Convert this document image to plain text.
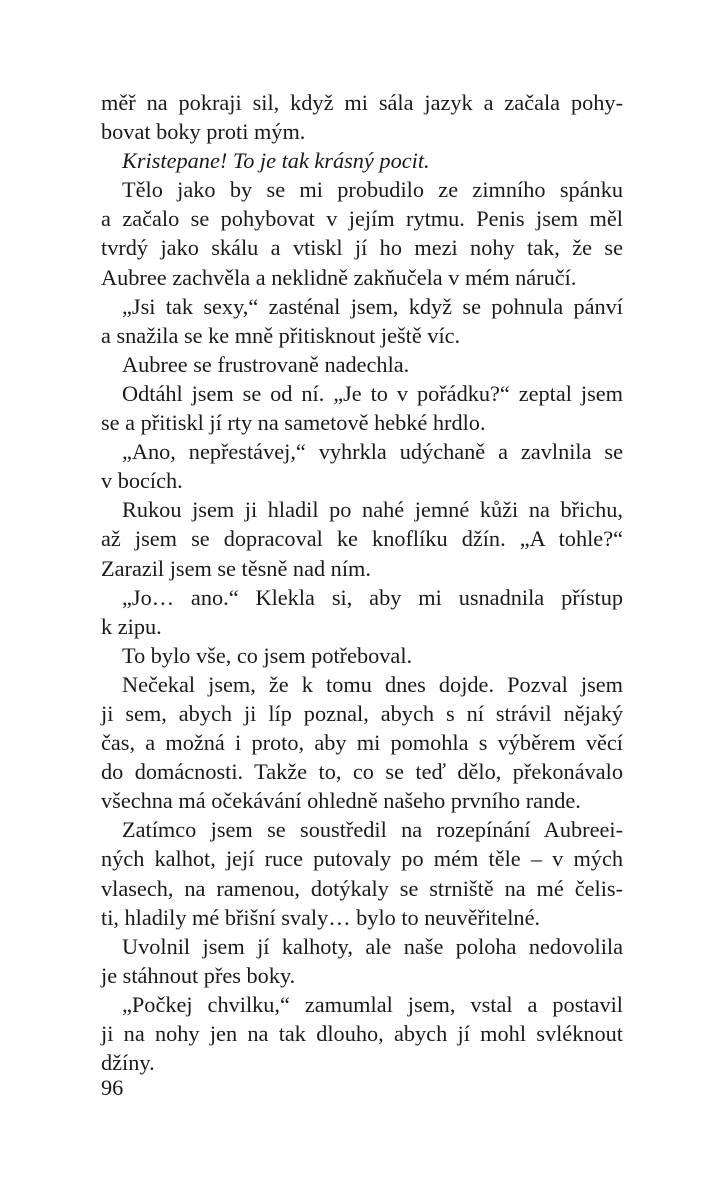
měř na pokraji sil, když mi sála jazyk a začala pohy-
bovat boky proti mým.
Kristepane! To je tak krásný pocit.
Tělo jako by se mi probudilo ze zimního spánku
a začalo se pohybovat v jejím rytmu. Penis jsem měl
tvrdý jako skálu a vtiskl jí ho mezi nohy tak, že se
Aubree zachvěla a neklidně zakňučela v mém náručí.
„Jsi tak sexy,“ zasténal jsem, když se pohnula pánví
a snažila se ke mně přitisknout ještě víc.
Aubree se frustrovaně nadechla.
Odtáhl jsem se od ní. „Je to v pořádku?“ zeptal jsem
se a přitiskl jí rty na sametově hebké hrdlo.
„Ano, nepřestávej,“ vyhrkla udýchaně a zavlnila se
v bocích.
Rukou jsem ji hladil po nahé jemné kůži na břichu,
až jsem se dopracoval ke knoflíku džín. „A tohle?“
Zarazil jsem se těsně nad ním.
„Jo… ano.“ Klekla si, aby mi usnadnila přístup
k zipu.
To bylo vše, co jsem potřeboval.
Nečekal jsem, že k tomu dnes dojde. Pozval jsem
ji sem, abych ji líp poznal, abych s ní strávil nějaký
čas, a možná i proto, aby mi pomohla s výběrem věcí
do domácnosti. Takže to, co se teď dělo, překonávalo
všechna má očekávání ohledně našeho prvního rande.
Zatímco jsem se soustředil na rozepínání Aubreei-
ných kalhot, její ruce putovaly po mém těle – v mých
vlasech, na ramenou, dotýkaly se strniště na mé čelis-
ti, hladily mé břišní svaly… bylo to neuvěřitelné.
Uvolnil jsem jí kalhoty, ale naše poloha nedovolila
je stáhnout přes boky.
„Počkej chvilku,“ zamumlal jsem, vstal a postavil
ji na nohy jen na tak dlouho, abych jí mohl svléknout
džíny.
96
